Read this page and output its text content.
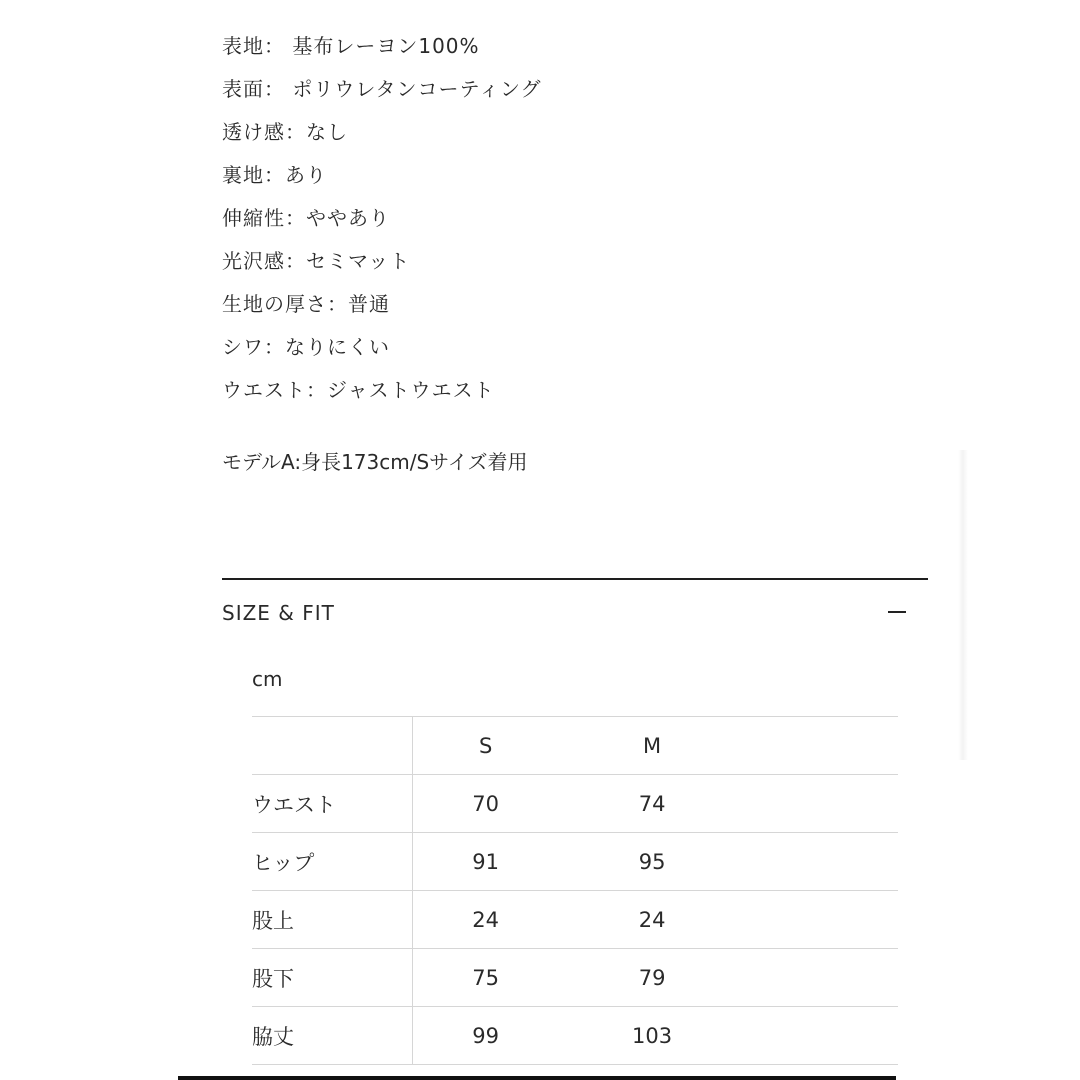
表地： 基布レーヨン100%
表面： ポリウレタンコーティング
透け感：なし
裏地：あり
伸縮性：ややあり
光沢感：セミマット
生地の厚さ：普通
シワ：なりにくい
ウエスト：ジャストウエスト
モデルA:身長173cm/Sサイズ着用
SIZE & FIT
cm
	S	M
ウエスト	70	74
ヒップ	91	95
股上	24	24
股下	75	79
脇丈	99	103
